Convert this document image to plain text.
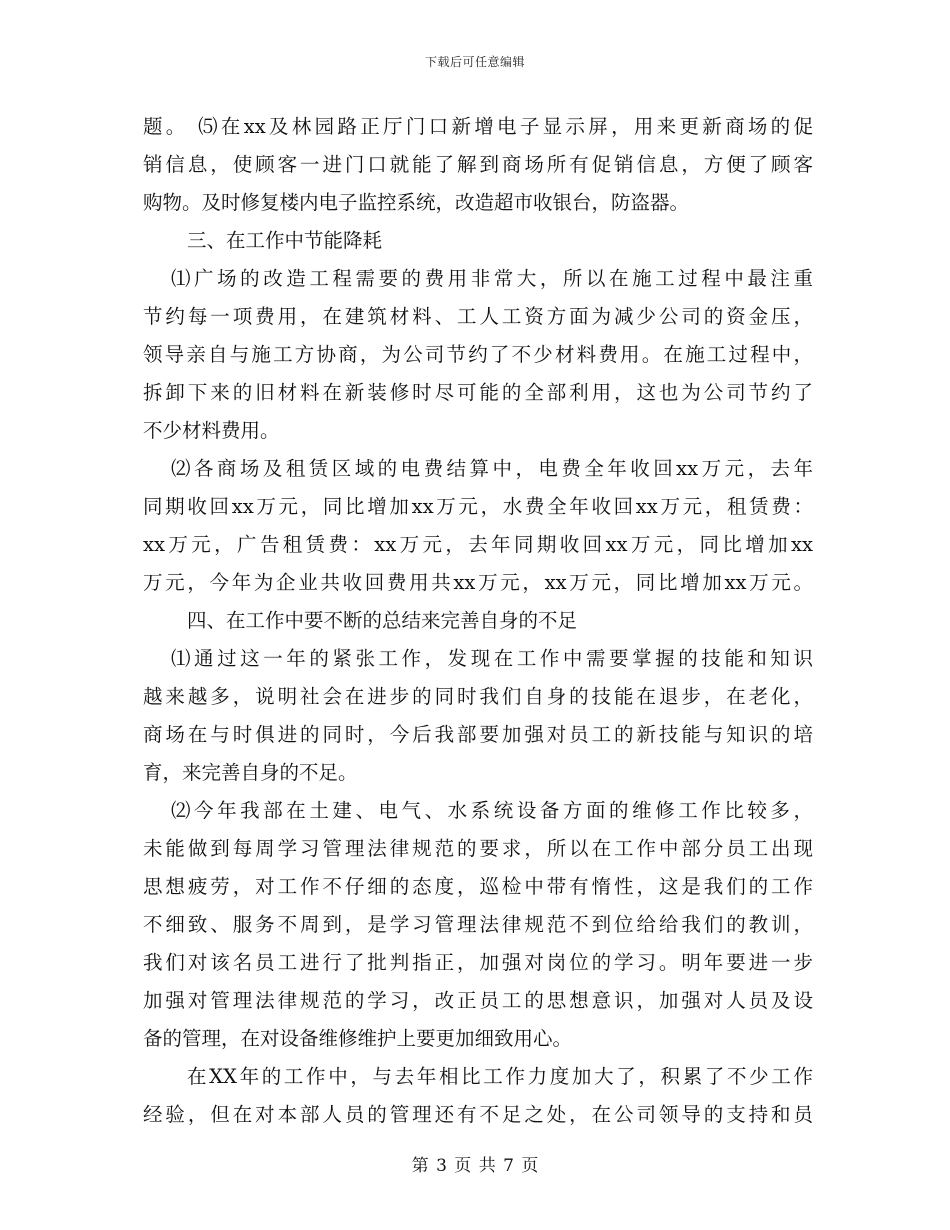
下载后可任意编辑
题。 ⑸在xx及林园路正厅门口新增电子显示屏，用来更新商场的促
销信息，使顾客一进门口就能了解到商场所有促销信息，方便了顾客
购物。及时修复楼内电子监控系统，改造超市收银台，防盗器。
三、在工作中节能降耗
⑴广场的改造工程需要的费用非常大，所以在施工过程中最注重
节约每一项费用，在建筑材料、工人工资方面为减少公司的资金压，
领导亲自与施工方协商，为公司节约了不少材料费用。在施工过程中，
拆卸下来的旧材料在新装修时尽可能的全部利用，这也为公司节约了
不少材料费用。
⑵各商场及租赁区域的电费结算中，电费全年收回xx万元，去年
同期收回xx万元，同比增加xx万元，水费全年收回xx万元，租赁费：
xx万元，广告租赁费：xx万元，去年同期收回xx万元，同比增加xx
万元，今年为企业共收回费用共xx万元，xx万元，同比增加xx万元。
四、在工作中要不断的总结来完善自身的不足
⑴通过这一年的紧张工作，发现在工作中需要掌握的技能和知识
越来越多，说明社会在进步的同时我们自身的技能在退步，在老化，
商场在与时俱进的同时，今后我部要加强对员工的新技能与知识的培
育，来完善自身的不足。
⑵今年我部在土建、电气、水系统设备方面的维修工作比较多，
未能做到每周学习管理法律规范的要求，所以在工作中部分员工出现
思想疲劳，对工作不仔细的态度，巡检中带有惰性，这是我们的工作
不细致、服务不周到，是学习管理法律规范不到位给给我们的教训，
我们对该名员工进行了批判指正，加强对岗位的学习。明年要进一步
加强对管理法律规范的学习，改正员工的思想意识，加强对人员及设
备的管理，在对设备维修维护上要更加细致用心。
在XX年的工作中，与去年相比工作力度加大了，积累了不少工作
经验，但在对本部人员的管理还有不足之处，在公司领导的支持和员
第 3 页 共 7 页
